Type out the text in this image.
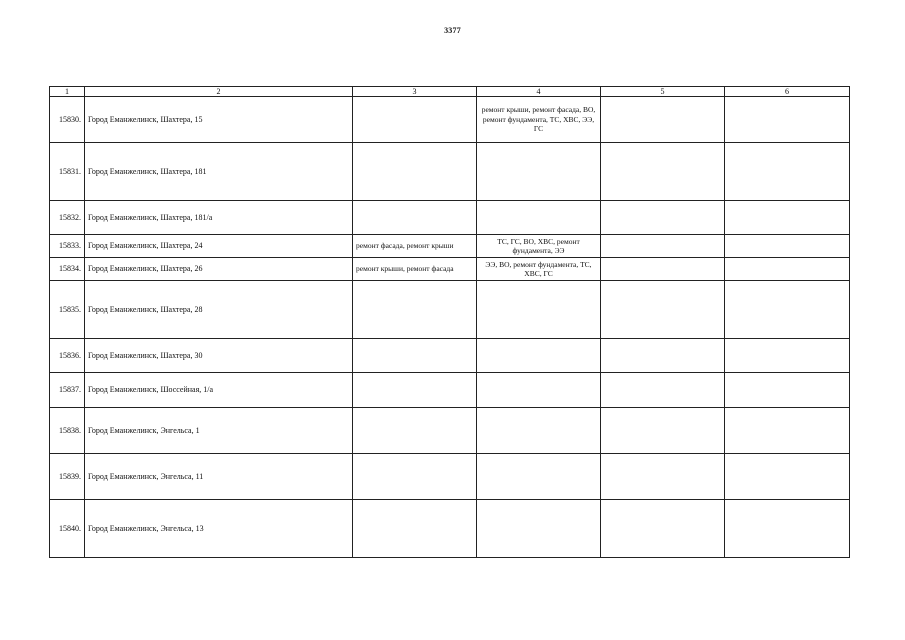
3377
1	2	3	4	5	6
15830.	Город Еманжелинск, Шахтера, 15		ремонт крыши, ремонт фасада, ВО, ремонт фундамента, ТС, ХВС, ЭЭ, ГС		
15831.	Город Еманжелинск, Шахтера, 181				
15832.	Город Еманжелинск, Шахтера, 181/а				
15833.	Город Еманжелинск, Шахтера, 24	ремонт фасада, ремонт крыши	ТС, ГС, ВО, ХВС, ремонт фундамента, ЭЭ		
15834.	Город Еманжелинск, Шахтера, 26	ремонт крыши, ремонт фасада	ЭЭ, ВО, ремонт фундамента, ТС, ХВС, ГС		
15835.	Город Еманжелинск, Шахтера, 28				
15836.	Город Еманжелинск, Шахтера, 30				
15837.	Город Еманжелинск, Шоссейная, 1/а				
15838.	Город Еманжелинск, Энгельса, 1				
15839.	Город Еманжелинск, Энгельса, 11				
15840.	Город Еманжелинск, Энгельса, 13				
